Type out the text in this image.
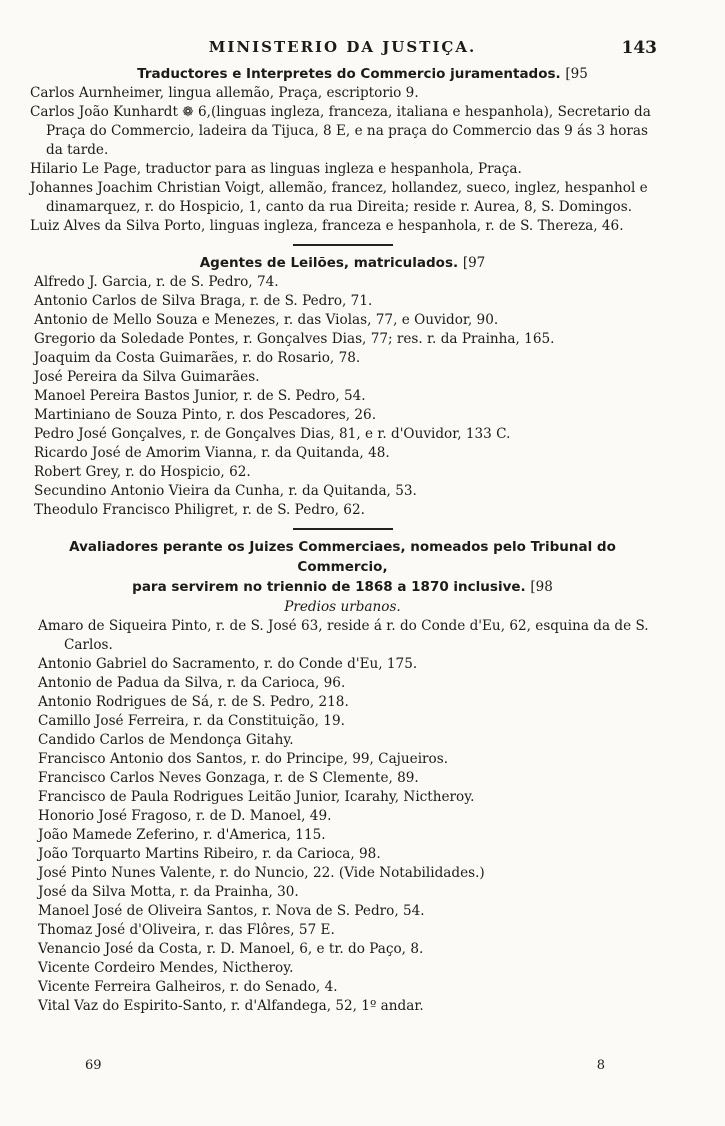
MINISTERIO DA JUSTIÇA.	143
Traductores e Interpretes do Commercio juramentados. [95
Carlos Aurnheimer, lingua allemão, Praça, escriptorio 9.
Carlos João Kunhardt ❁ 6,(linguas ingleza, franceza, italiana e hespanhola), Secretario da Praça do Commercio, ladeira da Tijuca, 8 E, e na praça do Commercio das 9 ás 3 horas da tarde.
Hilario Le Page, traductor para as linguas ingleza e hespanhola, Praça.
Johannes Joachim Christian Voigt, allemão, francez, hollandez, sueco, inglez, hespanhol e dinamarquez, r. do Hospicio, 1, canto da rua Direita; reside r. Aurea, 8, S. Domingos.
Luiz Alves da Silva Porto, linguas ingleza, franceza e hespanhola, r. de S. Thereza, 46.
Agentes de Leilões, matriculados. [97
Alfredo J. Garcia, r. de S. Pedro, 74.
Antonio Carlos de Silva Braga, r. de S. Pedro, 71.
Antonio de Mello Souza e Menezes, r. das Violas, 77, e Ouvidor, 90.
Gregorio da Soledade Pontes, r. Gonçalves Dias, 77; res. r. da Prainha, 165.
Joaquim da Costa Guimarães, r. do Rosario, 78.
José Pereira da Silva Guimarães.
Manoel Pereira Bastos Junior, r. de S. Pedro, 54.
Martiniano de Souza Pinto, r. dos Pescadores, 26.
Pedro José Gonçalves, r. de Gonçalves Dias, 81, e r. d'Ouvidor, 133 C.
Ricardo José de Amorim Vianna, r. da Quitanda, 48.
Robert Grey, r. do Hospicio, 62.
Secundino Antonio Vieira da Cunha, r. da Quitanda, 53.
Theodulo Francisco Philigret, r. de S. Pedro, 62.
Avaliadores perante os Juizes Commerciaes, nomeados pelo Tribunal do Commercio,
para servirem no triennio de 1868 a 1870 inclusive. [98
Predios urbanos.
Amaro de Siqueira Pinto, r. de S. José 63, reside á r. do Conde d'Eu, 62, esquina da de S. Carlos.
Antonio Gabriel do Sacramento, r. do Conde d'Eu, 175.
Antonio de Padua da Silva, r. da Carioca, 96.
Antonio Rodrigues de Sá, r. de S. Pedro, 218.
Camillo José Ferreira, r. da Constituição, 19.
Candido Carlos de Mendonça Gitahy.
Francisco Antonio dos Santos, r. do Principe, 99, Cajueiros.
Francisco Carlos Neves Gonzaga, r. de S Clemente, 89.
Francisco de Paula Rodrigues Leitão Junior, Icarahy, Nictheroy.
Honorio José Fragoso, r. de D. Manoel, 49.
João Mamede Zeferino, r. d'America, 115.
João Torquarto Martins Ribeiro, r. da Carioca, 98.
José Pinto Nunes Valente, r. do Nuncio, 22. (Vide Notabilidades.)
José da Silva Motta, r. da Prainha, 30.
Manoel José de Oliveira Santos, r. Nova de S. Pedro, 54.
Thomaz José d'Oliveira, r. das Flôres, 57 E.
Venancio José da Costa, r. D. Manoel, 6, e tr. do Paço, 8.
Vicente Cordeiro Mendes, Nictheroy.
Vicente Ferreira Galheiros, r. do Senado, 4.
Vital Vaz do Espirito-Santo, r. d'Alfandega, 52, 1º andar.
69	8
